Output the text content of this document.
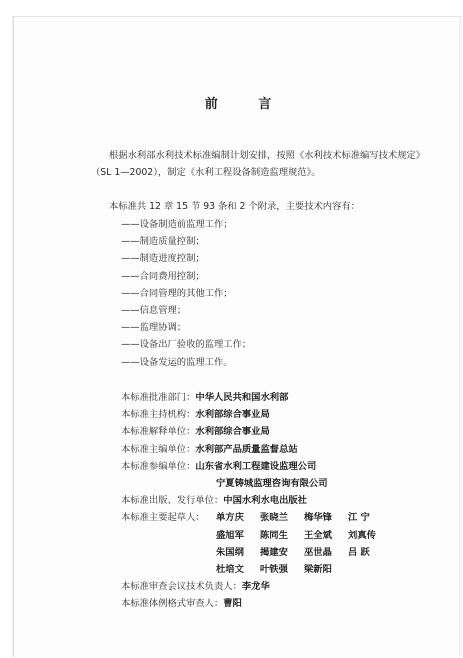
前 言
根据水利部水利技术标准编制计划安排，按照《水利技术标准编写技术规定》（SL 1—2002），制定《水利工程设备制造监理规范》。
本标准共 12 章 15 节 93 条和 2 个附录，主要技术内容有：
——设备制造前监理工作；
——制造质量控制；
——制造进度控制；
——合同费用控制；
——合同管理的其他工作；
——信息管理；
——监理协调；
——设备出厂验收的监理工作；
——设备发运的监理工作。
本标准批准部门： 中华人民共和国水利部
本标准主持机构： 水利部综合事业局
本标准解释单位： 水利部综合事业局
本标准主编单位： 水利部产品质量监督总站
本标准参编单位： 山东省水利工程建设监理公司
宁夏铸城监理咨询有限公司
本标准出版、发行单位： 中国水利水电出版社
本标准主要起草人：	单方庆	张晓兰	梅华锋	江 宁
盛旭军	陈同生	王全斌	刘真传
朱国纲	揭建安	巫世晶	吕 跃
杜培文	叶铁强	梁新阳
本标准审查会议技术负责人： 李龙华
本标准体例格式审查人： 曹阳
